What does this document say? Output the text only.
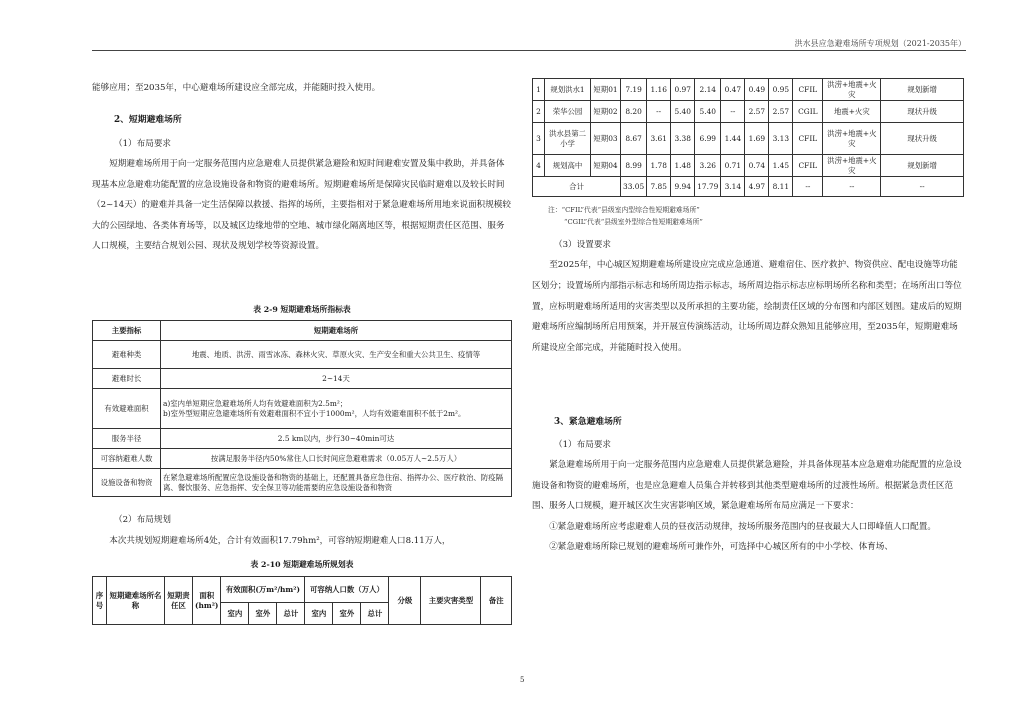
洪水县应急避难场所专项规划（2021-2035年）
能够应用；至2035年，中心避难场所建设应全部完成，并能随时投入使用。
2、短期避难场所
（1）布局要求

短期避难场所用于向一定服务范围内应急避难人员提供紧急避险和短时间避难安置及集中救助，并具备体现基本应急避难功能配置的应急设施设备和物资的避难场所。短期避难场所是保障灾民临时避难以及较长时间（2~14天）的避难并具备一定生活保障以救援、指挥的场所，主要指相对于紧急避难场所用地来说面积规模较大的公园绿地、各类体育场等，以及城区边缘地带的空地、城市绿化隔离地区等，根据短期责任区范围、服务人口规模，主要结合规划公园、现状及规划学校等资源设置。

表 2-9 短期避难场所指标表
主要指标	短期避难场所
避难种类	地震、地质、洪涝、雨雪冰冻、森林火灾、草原火灾、生产安全和重大公共卫生、疫情等
避难时长	2~14天
有效避难面积	a)室内单短期应急避难场所人均有效避难面积为2.5m²；
b)室外型短期应急避难场所有效避难面积不宜小于1000m²，人均有效避难面积不低于2m²。
服务半径	2.5 km以内，步行30~40min可达
可容纳避难人数	按满足服务半径内50%常住人口长时间应急避难需求（0.05万人~2.5万人）
设施设备和物资	在紧急避难场所配置应急设施设备和物资的基础上，还配置具备应急住宿、指挥办公、医疗救治、防疫隔离、餐饮服务、应急指挥、安全保卫等功能需要的应急设施设备和物资
（2）布局规划

本次共规划短期避难场所4处，合计有效面积17.79hm²，可容纳短期避难人口8.11万人，

表 2-10 短期避难场所规划表
序号	短期避难场所名称	短期责任区	面积(hm²)	有效面积(万m²/hm²)			可容纳人口数（万人）			分级	主要灾害类型	备注
				室内	室外	总计	室内	室外	总计			
1	规划洪水1	短期01	7.19	1.16	0.97	2.14	0.47	0.49	0.95	CFIL	洪涝+地震+火灾	规划新增
2	荣华公园	短期02	8.20	--	5.40	5.40	--	2.57	2.57	CGIL	地震+火灾	现状升级
3	洪水县第二小学	短期03	8.67	3.61	3.38	6.99	1.44	1.69	3.13	CFIL	洪涝+地震+火灾	现状升级
4	规划高中	短期04	8.99	1.78	1.48	3.26	0.71	0.74	1.45	CFIL	洪涝+地震+火灾	规划新增
合计			33.05	7.85	9.94	17.79	3.14	4.97	8.11	--	--	--
注：“CFIL”代表“县级室内型综合性短期避难场所”
“CGIL”代表“县级室外型综合性短期避难场所”
（3）设置要求

至2025年，中心城区短期避难场所建设应完成应急通道、避难宿住、医疗救护、物资供应、配电设施等功能区划分；设置场所内部指示标志和场所周边指示标志，场所周边指示标志应标明场所名称和类型；在场所出口等位置，应标明避难场所适用的灾害类型以及所承担的主要功能，绘制责任区域的分布图和内部区划图。建成后的短期避难场所应编制场所启用预案，并开展宣传演练活动，让场所周边群众熟知且能够应用，至2035年，短期避难场所建设应全部完成，并能随时投入使用。

3、紧急避难场所
（1）布局要求

紧急避难场所用于向一定服务范围内应急避难人员提供紧急避险，并具备体现基本应急避难功能配置的应急设施设备和物资的避难场所，也是应急避难人员集合并转移到其他类型避难场所的过渡性场所。根据紧急责任区范围、服务人口规模，避开城区次生灾害影响区域，紧急避难场所布局应满足一下要求：

①紧急避难场所应考虑避难人员的昼夜活动规律，按场所服务范围内的昼夜最大人口即峰值人口配置。

②紧急避难场所除已规划的避难场所可兼作外，可选择中心城区所有的中小学校、体育场、

5
